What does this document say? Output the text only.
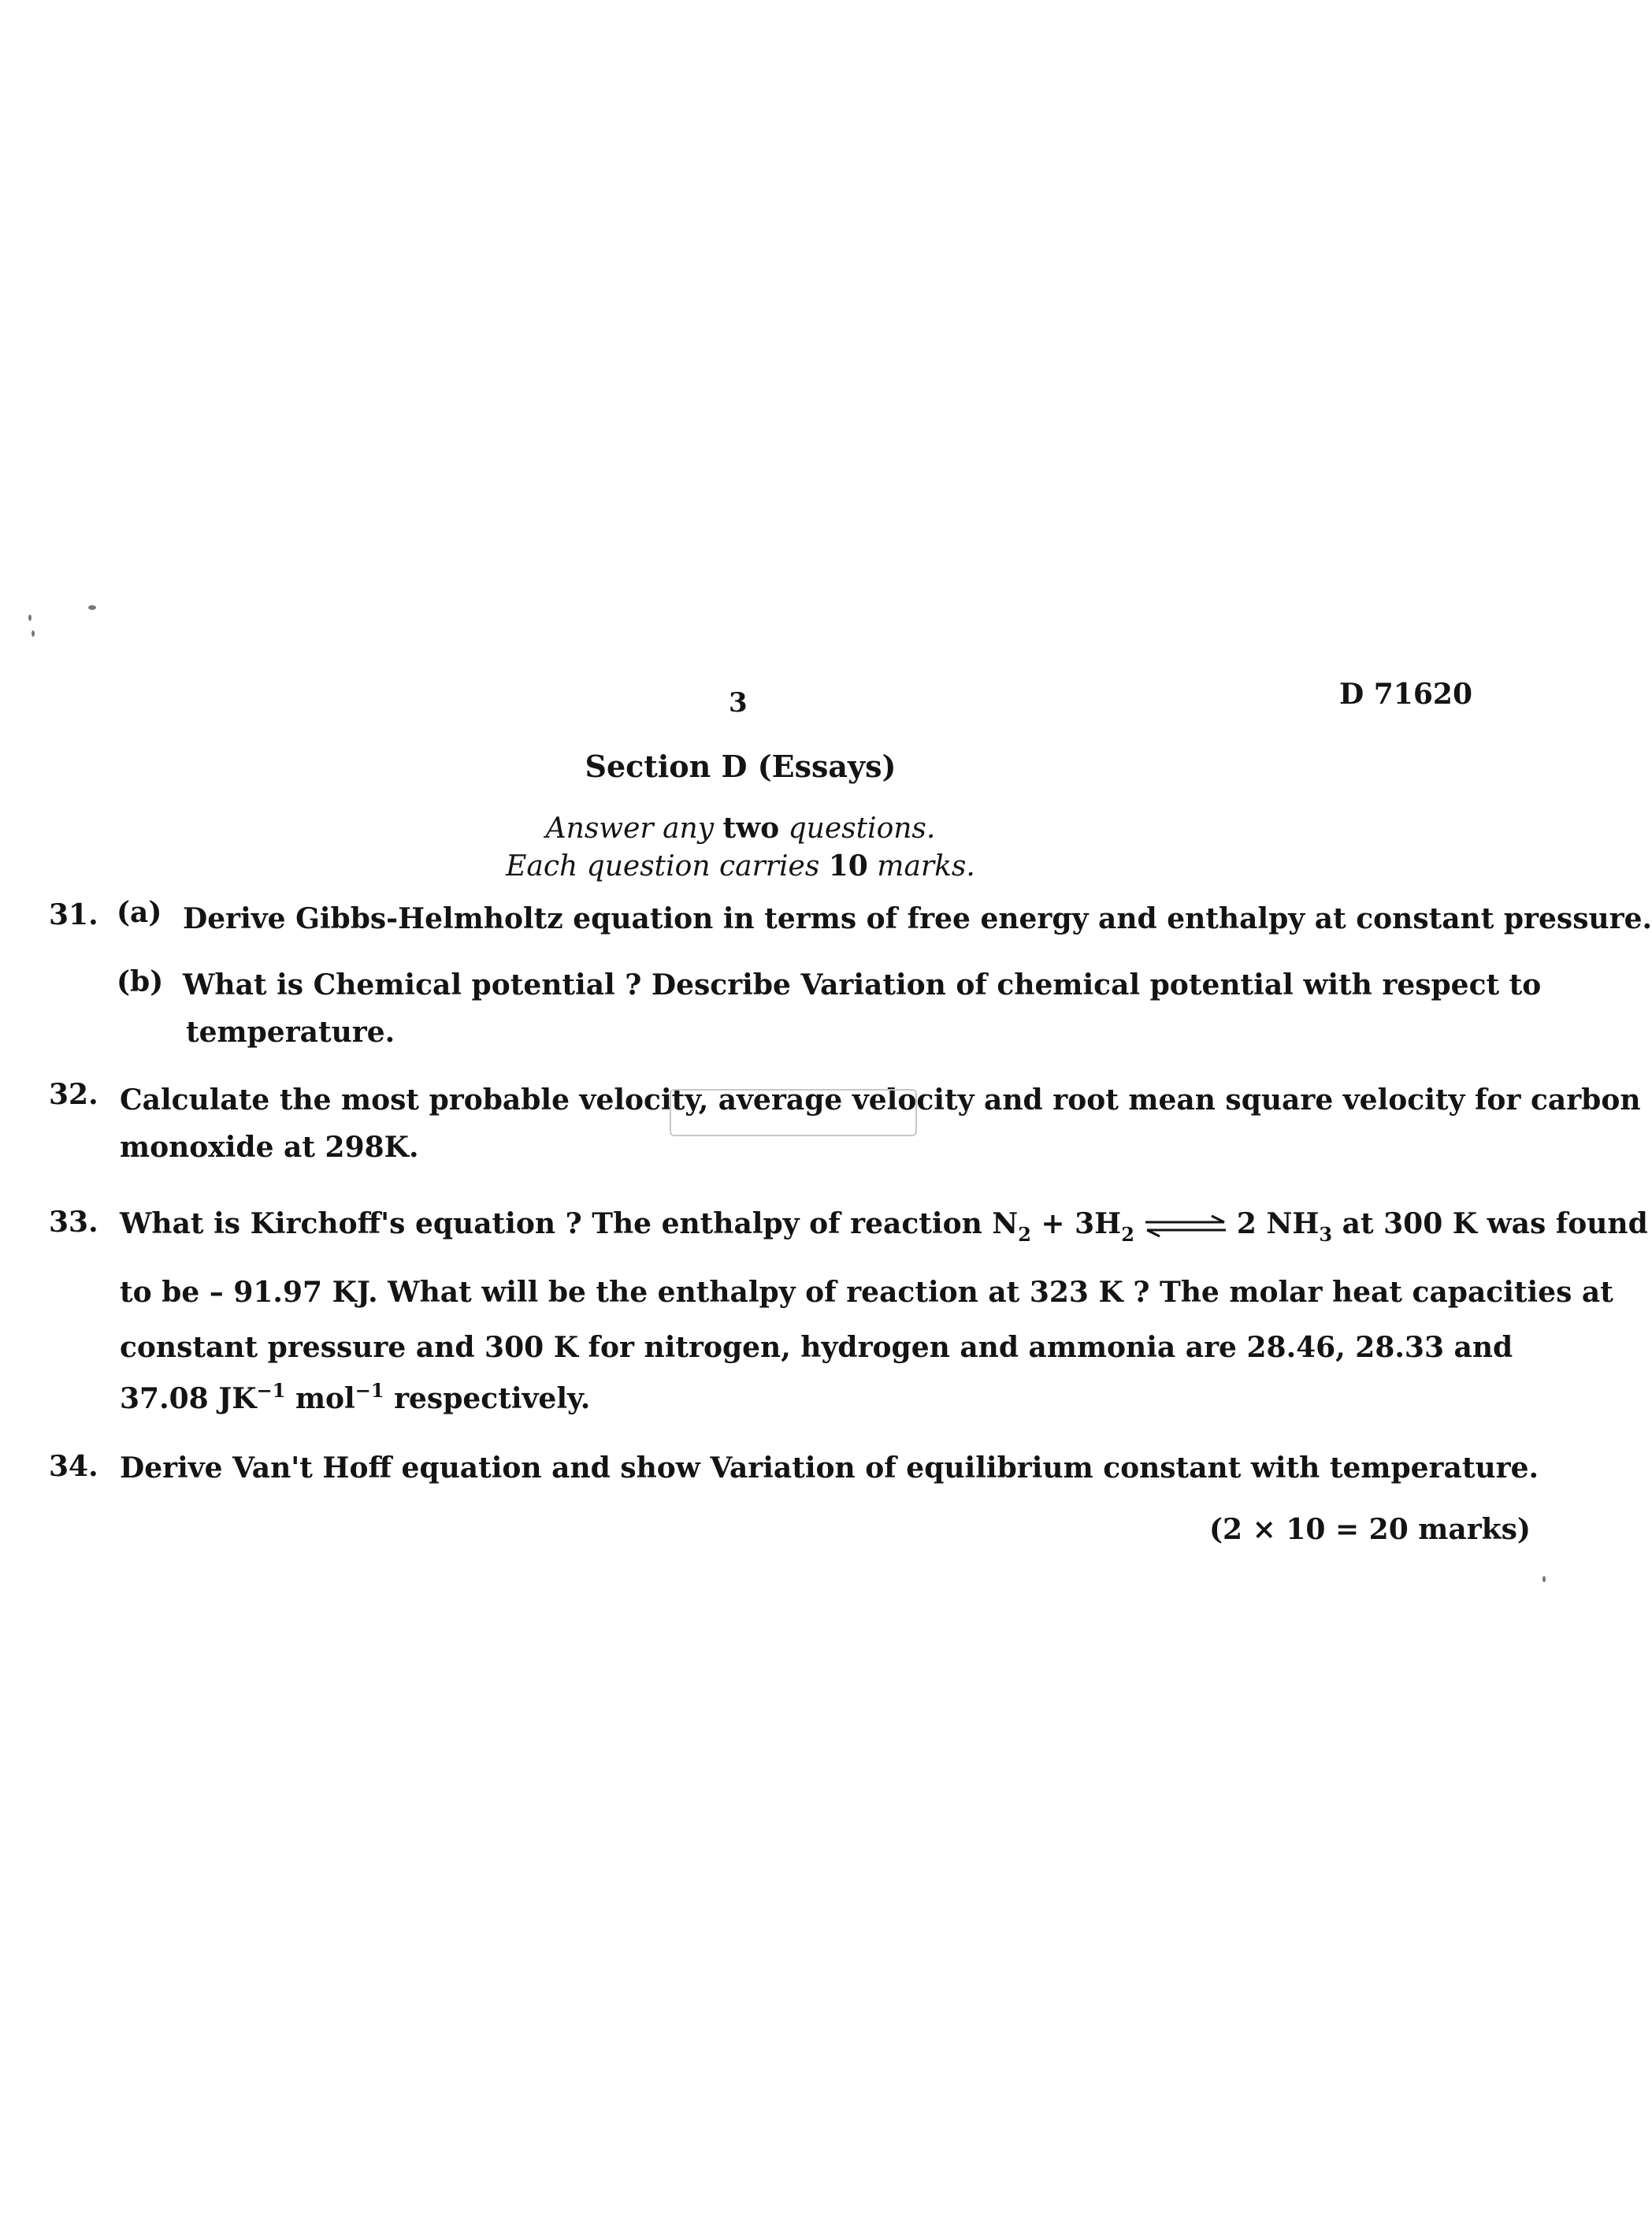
3	D 71620
Section D (Essays)
Answer any two questions.
Each question carries 10 marks.
31. (a) Derive Gibbs-Helmholtz equation in terms of free energy and enthalpy at constant pressure.
(b) What is Chemical potential ? Describe Variation of chemical potential with respect to
temperature.
32. Calculate the most probable velocity, average velocity and root mean square velocity for carbon
monoxide at 298K.
33. What is Kirchoff's equation ? The enthalpy of reaction $N_2 + 3H_2$ ⇌ 2 $NH_3$ at 300 K was found
to be – 91.97 KJ. What will be the enthalpy of reaction at 323 K ? The molar heat capacities at
constant pressure and 300 K for nitrogen, hydrogen and ammonia are 28.46, 28.33 and
37.08 $JK^{-1}$ mol$^{-1}$ respectively.
34. Derive Van't Hoff equation and show Variation of equilibrium constant with temperature.
(2 × 10 = 20 marks)
